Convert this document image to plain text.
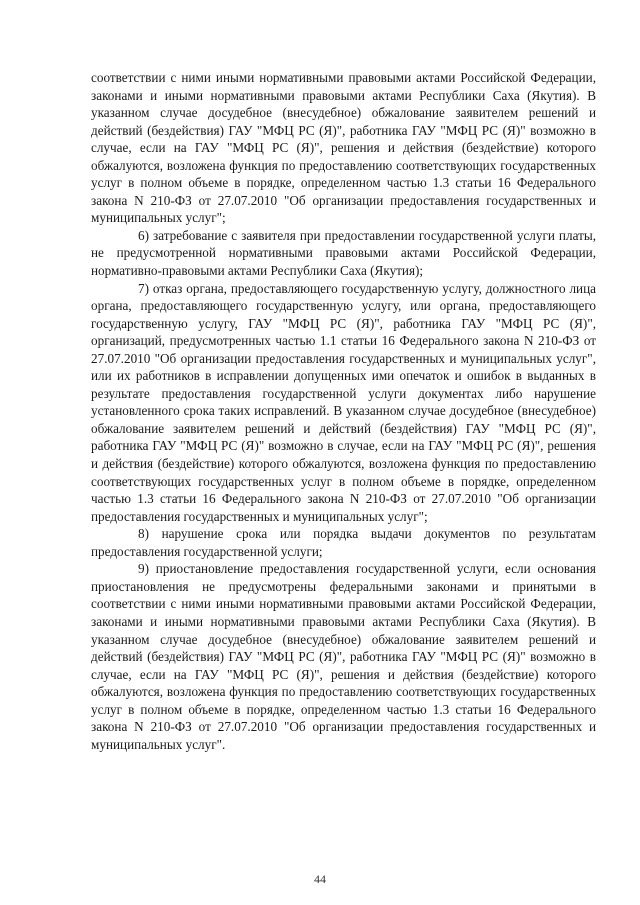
соответствии с ними иными нормативными правовыми актами Российской Федерации, законами и иными нормативными правовыми актами Республики Саха (Якутия). В указанном случае досудебное (внесудебное) обжалование заявителем решений и действий (бездействия) ГАУ "МФЦ РС (Я)", работника ГАУ "МФЦ РС (Я)" возможно в случае, если на ГАУ "МФЦ РС (Я)", решения и действия (бездействие) которого обжалуются, возложена функция по предоставлению соответствующих государственных услуг в полном объеме в порядке, определенном частью 1.3 статьи 16 Федерального закона N 210-ФЗ от 27.07.2010 "Об организации предоставления государственных и муниципальных услуг";

6) затребование с заявителя при предоставлении государственной услуги платы, не предусмотренной нормативными правовыми актами Российской Федерации, нормативно-правовыми актами Республики Саха (Якутия);

7) отказ органа, предоставляющего государственную услугу, должностного лица органа, предоставляющего государственную услугу, или органа, предоставляющего государственную услугу, ГАУ "МФЦ РС (Я)", работника ГАУ "МФЦ РС (Я)", организаций, предусмотренных частью 1.1 статьи 16 Федерального закона N 210-ФЗ от 27.07.2010 "Об организации предоставления государственных и муниципальных услуг", или их работников в исправлении допущенных ими опечаток и ошибок в выданных в результате предоставления государственной услуги документах либо нарушение установленного срока таких исправлений. В указанном случае досудебное (внесудебное) обжалование заявителем решений и действий (бездействия) ГАУ "МФЦ РС (Я)", работника ГАУ "МФЦ РС (Я)" возможно в случае, если на ГАУ "МФЦ РС (Я)", решения и действия (бездействие) которого обжалуются, возложена функция по предоставлению соответствующих государственных услуг в полном объеме в порядке, определенном частью 1.3 статьи 16 Федерального закона N 210-ФЗ от 27.07.2010 "Об организации предоставления государственных и муниципальных услуг";

8) нарушение срока или порядка выдачи документов по результатам предоставления государственной услуги;

9) приостановление предоставления государственной услуги, если основания приостановления не предусмотрены федеральными законами и принятыми в соответствии с ними иными нормативными правовыми актами Российской Федерации, законами и иными нормативными правовыми актами Республики Саха (Якутия). В указанном случае досудебное (внесудебное) обжалование заявителем решений и действий (бездействия) ГАУ "МФЦ РС (Я)", работника ГАУ "МФЦ РС (Я)" возможно в случае, если на ГАУ "МФЦ РС (Я)", решения и действия (бездействие) которого обжалуются, возложена функция по предоставлению соответствующих государственных услуг в полном объеме в порядке, определенном частью 1.3 статьи 16 Федерального закона N 210-ФЗ от 27.07.2010 "Об организации предоставления государственных и муниципальных услуг".

44
